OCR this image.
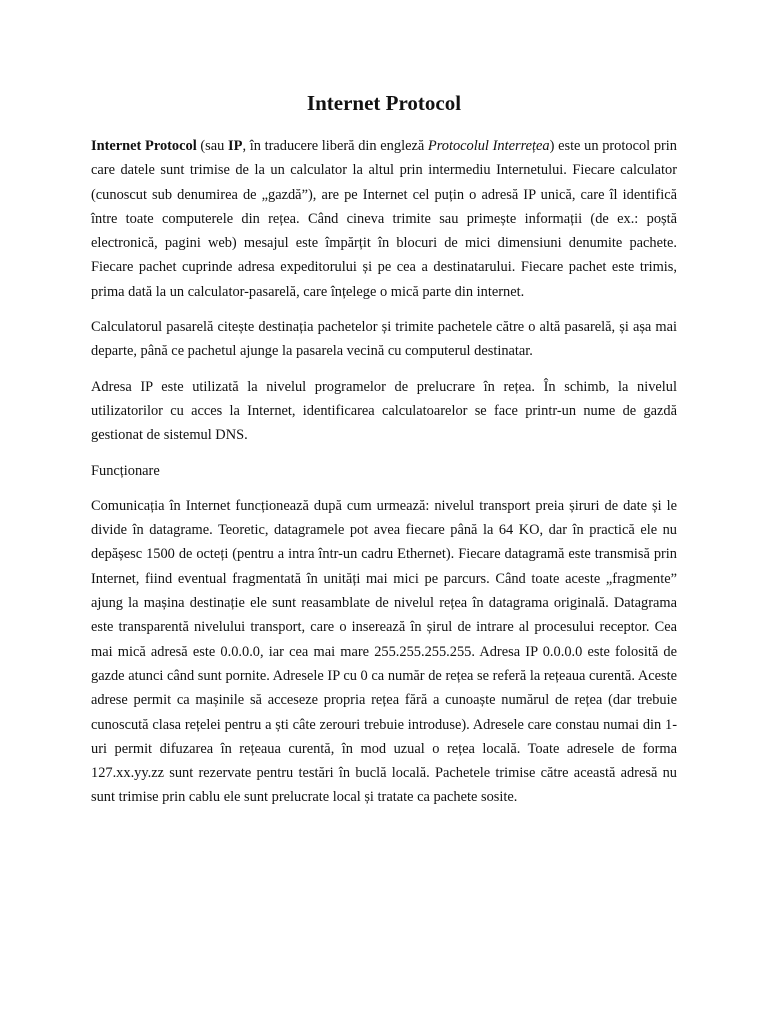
Internet Protocol

Internet Protocol (sau IP, în traducere liberă din engleză Protocolul Interrețea) este un protocol prin care datele sunt trimise de la un calculator la altul prin intermediu Internetului. Fiecare calculator (cunoscut sub denumirea de „gazdă”), are pe Internet cel puțin o adresă IP unică, care îl identifică între toate computerele din rețea. Când cineva trimite sau primește informații (de ex.: poștă electronică, pagini web) mesajul este împărțit în blocuri de mici dimensiuni denumite pachete. Fiecare pachet cuprinde adresa expeditorului și pe cea a destinatarului. Fiecare pachet este trimis, prima dată la un calculator-pasarelă, care înțelege o mică parte din internet.

Calculatorul pasarelă citește destinația pachetelor și trimite pachetele către o altă pasarelă, și așa mai departe, până ce pachetul ajunge la pasarela vecină cu computerul destinatar.

Adresa IP este utilizată la nivelul programelor de prelucrare în rețea. În schimb, la nivelul utilizatorilor cu acces la Internet, identificarea calculatoarelor se face printr-un nume de gazdă gestionat de sistemul DNS.

Funcționare

Comunicația în Internet funcționează după cum urmează: nivelul transport preia șiruri de date și le divide în datagrame. Teoretic, datagramele pot avea fiecare până la 64 KO, dar în practică ele nu depășesc 1500 de octeți (pentru a intra într-un cadru Ethernet). Fiecare datagramă este transmisă prin Internet, fiind eventual fragmentată în unități mai mici pe parcurs. Când toate aceste „fragmente” ajung la mașina destinație ele sunt reasamblate de nivelul rețea în datagrama originală. Datagrama este transparentă nivelului transport, care o inserează în șirul de intrare al procesului receptor. Cea mai mică adresă este 0.0.0.0, iar cea mai mare 255.255.255.255. Adresa IP 0.0.0.0 este folosită de gazde atunci când sunt pornite. Adresele IP cu 0 ca număr de rețea se referă la rețeaua curentă. Aceste adrese permit ca mașinile să acceseze propria rețea fără a cunoaște numărul de rețea (dar trebuie cunoscută clasa rețelei pentru a ști câte zerouri trebuie introduse). Adresele care constau numai din 1-uri permit difuzarea în rețeaua curentă, în mod uzual o rețea locală. Toate adresele de forma 127.xx.yy.zz sunt rezervate pentru testări în buclă locală. Pachetele trimise către această adresă nu sunt trimise prin cablu ele sunt prelucrate local și tratate ca pachete sosite.
